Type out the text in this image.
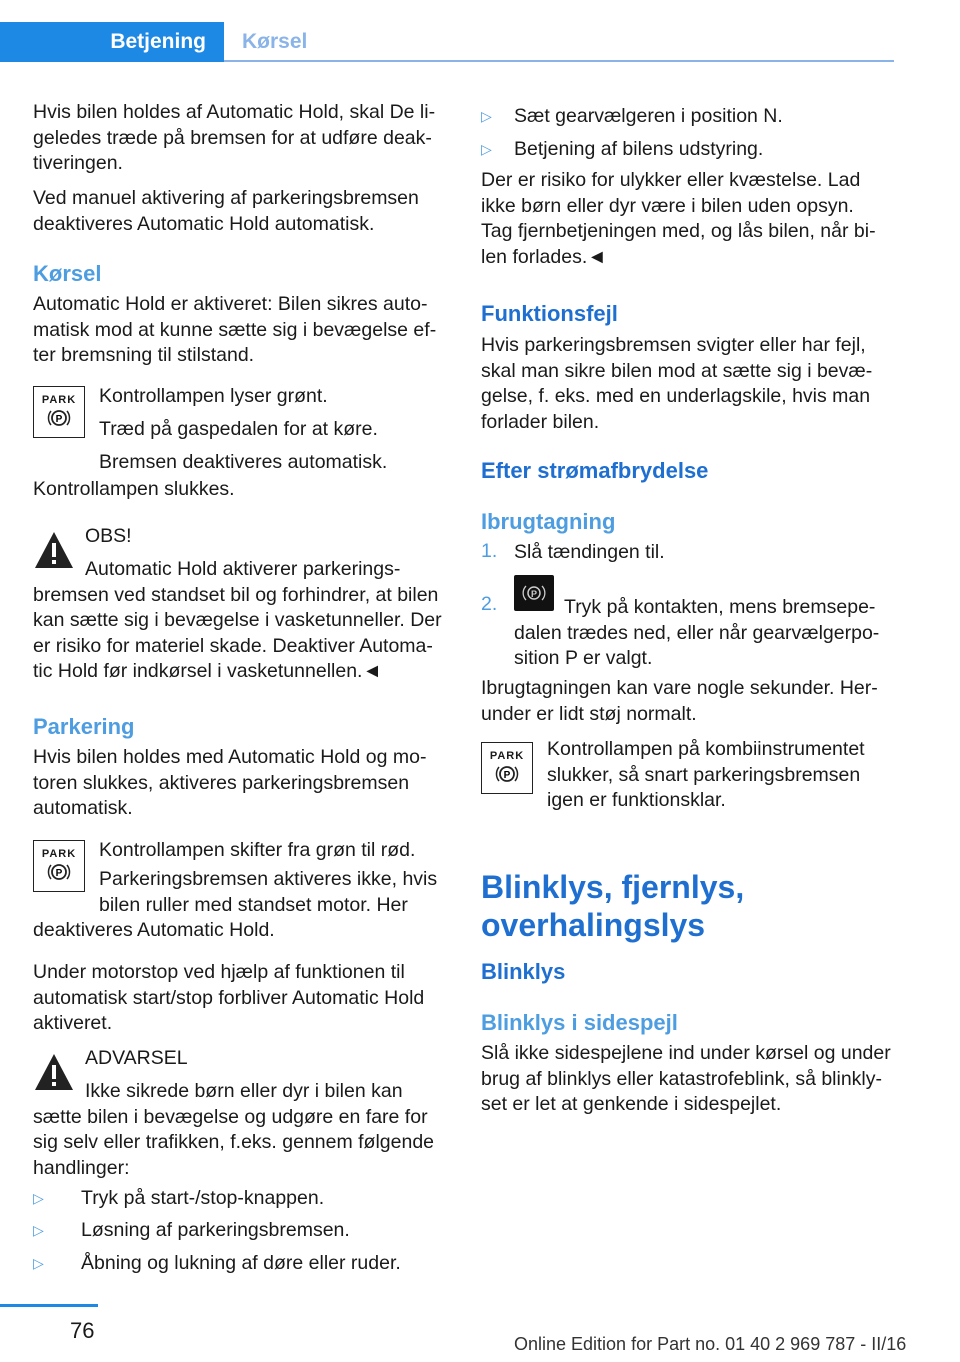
Betjening Kørsel
Hvis bilen holdes af Automatic Hold, skal De li-
geledes træde på bremsen for at udføre deak-
tiveringen.
Ved manuel aktivering af parkeringsbremsen
deaktiveres Automatic Hold automatisk.
Kørsel
Automatic Hold er aktiveret: Bilen sikres auto-
matisk mod at kunne sætte sig i bevægelse ef-
ter bremsning til stilstand.
PARK
P
Kontrollampen lyser grønt.
Træd på gaspedalen for at køre.
Bremsen deaktiveres automatisk.
Kontrollampen slukkes.
OBS!
Automatic Hold aktiverer parkerings-
bremsen ved standset bil og forhindrer, at bilen
kan sætte sig i bevægelse i vasketunneller. Der
er risiko for materiel skade. Deaktiver Automa-
tic Hold før indkørsel i vasketunnellen.◄
Parkering
Hvis bilen holdes med Automatic Hold og mo-
toren slukkes, aktiveres parkeringsbremsen
automatisk.
PARK
P
Kontrollampen skifter fra grøn til rød.
Parkeringsbremsen aktiveres ikke, hvis
bilen ruller med standset motor. Her
deaktiveres Automatic Hold.
Under motorstop ved hjælp af funktionen til
automatisk start/stop forbliver Automatic Hold
aktiveret.
ADVARSEL
Ikke sikrede børn eller dyr i bilen kan
sætte bilen i bevægelse og udgøre en fare for
sig selv eller trafikken, f.eks. gennem følgende
handlinger:
▷ Tryk på start-/stop-knappen.
▷ Løsning af parkeringsbremsen.
▷ Åbning og lukning af døre eller ruder.
▷ Sæt gearvælgeren i position N.
▷ Betjening af bilens udstyring.
Der er risiko for ulykker eller kvæstelse. Lad
ikke børn eller dyr være i bilen uden opsyn.
Tag fjernbetjeningen med, og lås bilen, når bi-
len forlades.◄
Funktionsfejl
Hvis parkeringsbremsen svigter eller har fejl,
skal man sikre bilen mod at sætte sig i bevæ-
gelse, f. eks. med en underlagskile, hvis man
forlader bilen.
Efter strømafbrydelse
Ibrugtagning
1. Slå tændingen til.
2.	P
Tryk på kontakten, mens bremsepe-
dalen trædes ned, eller når gearvælgerpo-
sition P er valgt.
Ibrugtagningen kan vare nogle sekunder. Her-
under er lidt støj normalt.
PARK
P
Kontrollampen på kombiinstrumentet
slukker, så snart parkeringsbremsen
igen er funktionsklar.
Blinklys, fjernlys,
overhalingslys
Blinklys
Blinklys i sidespejl
Slå ikke sidespejlene ind under kørsel og under
brug af blinklys eller katastrofeblink, så blinkly-
set er let at genkende i sidespejlet.
76
Online Edition for Part no. 01 40 2 969 787 - II/16
